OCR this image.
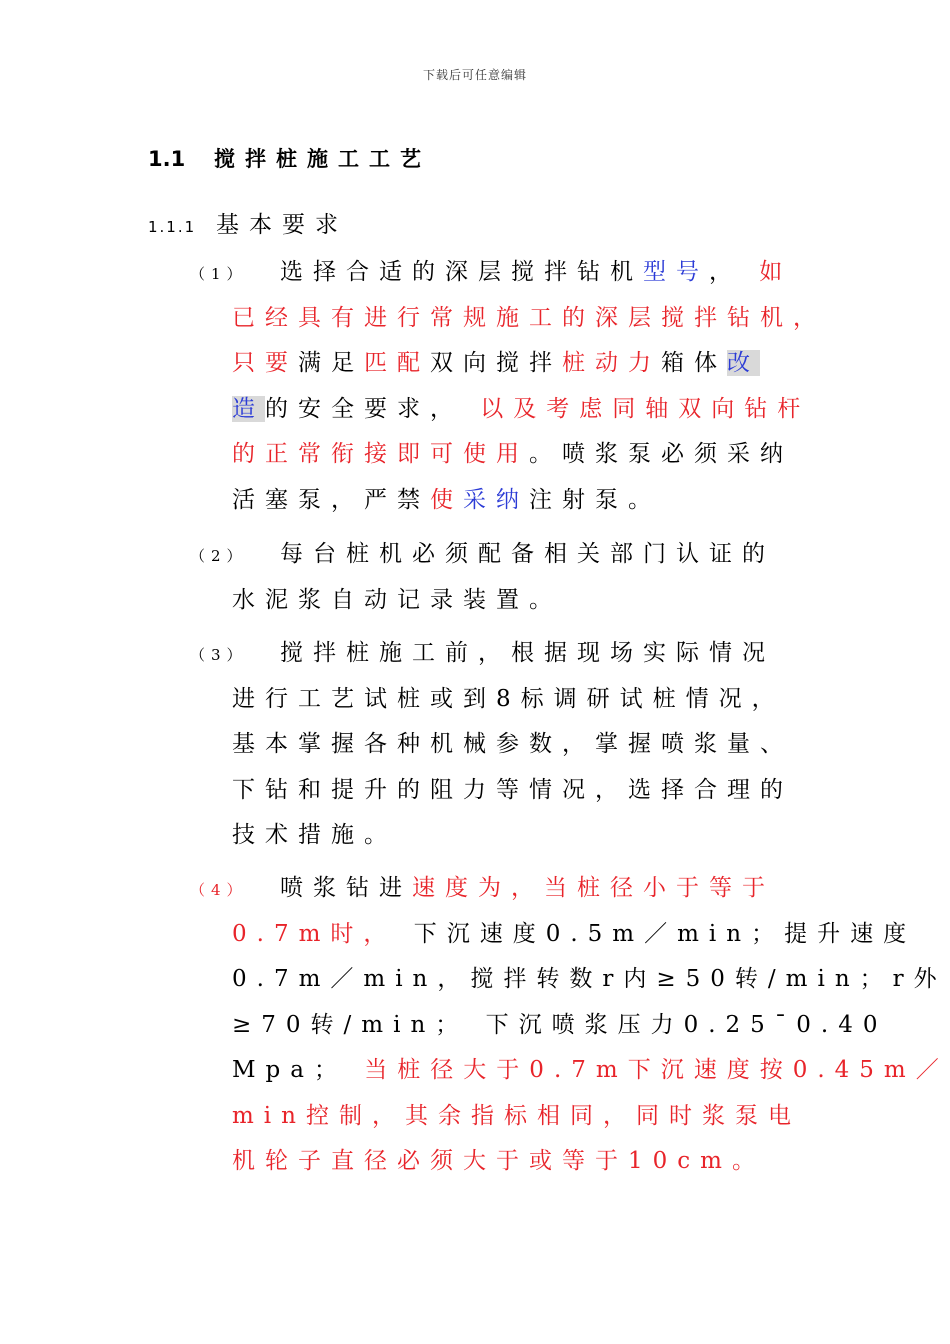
下载后可任意编辑
1.1 搅拌桩施工工艺
1.1.1 基本要求
（1） 选择合适的深层搅拌钻机型号， 如
已经具有进行常规施工的深层搅拌钻机，
只要满足匹配双向搅拌桩动力箱体改
造的安全要求， 以及考虑同轴双向钻杆
的正常衔接即可使用。喷浆泵必须采纳
活塞泵，严禁使采纳注射泵。
（2） 每台桩机必须配备相关部门认证的
水泥浆自动记录装置。
（3） 搅拌桩施工前，根据现场实际情况
进行工艺试桩或到8标调研试桩情况，
基本掌握各种机械参数，掌握喷浆量、
下钻和提升的阻力等情况，选择合理的
技术措施。
（4） 喷浆钻进速度为，当桩径小于等于
0.7m时， 下沉速度0.5m／min；提升速度
0.7m／min，搅拌转数r内≥50转/min；r外
≥70转/min； 下沉喷浆压力0.25¯0.40
Mpa； 当桩径大于0.7m下沉速度按0.45m／
min控制，其余指标相同，同时浆泵电
机轮子直径必须大于或等于10cm。
